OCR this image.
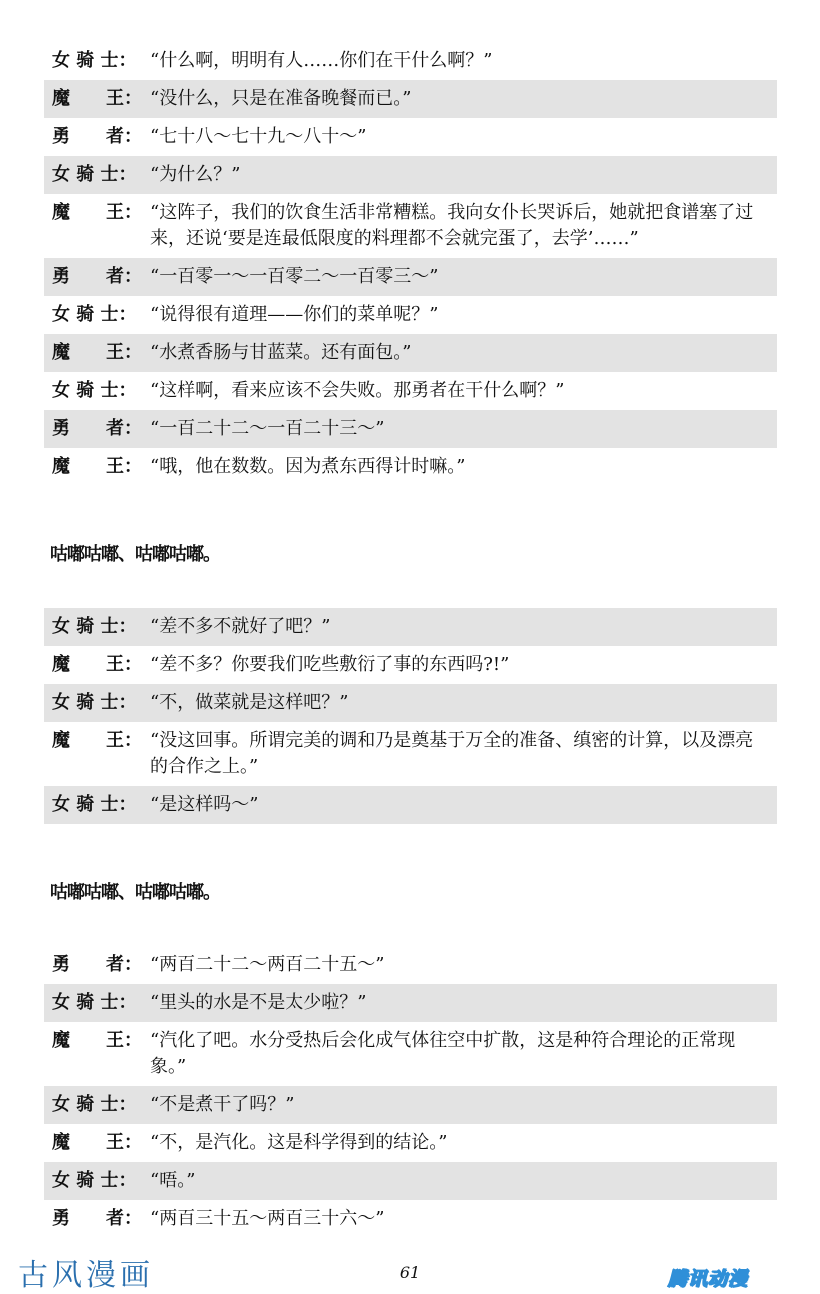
女 骑 士： “什么啊，明明有人……你们在干什么啊？”
魔　　王： “没什么，只是在准备晚餐而已。”
勇　　者： “七十八～七十九～八十～”
女 骑 士： “为什么？”
魔　　王： “这阵子，我们的饮食生活非常糟糕。我向女仆长哭诉后，她就把食谱塞了过来，还说‘要是连最低限度的料理都不会就完蛋了，去学’……”
勇　　者： “一百零一～一百零二～一百零三～”
女 骑 士： “说得很有道理——你们的菜单呢？”
魔　　王： “水煮香肠与甘蓝菜。还有面包。”
女 骑 士： “这样啊，看来应该不会失败。那勇者在干什么啊？”
勇　　者： “一百二十二～一百二十三～”
魔　　王： “哦，他在数数。因为煮东西得计时嘛。”
咕嘟咕嘟、咕嘟咕嘟。
女 骑 士： “差不多不就好了吧？”
魔　　王： “差不多？你要我们吃些敷衍了事的东西吗?!”
女 骑 士： “不，做菜就是这样吧？”
魔　　王： “没这回事。所谓完美的调和乃是奠基于万全的准备、缜密的计算，以及漂亮的合作之上。”
女 骑 士： “是这样吗～”
咕嘟咕嘟、咕嘟咕嘟。
勇　　者： “两百二十二～两百二十五～”
女 骑 士： “里头的水是不是太少啦？”
魔　　王： “汽化了吧。水分受热后会化成气体往空中扩散，这是种符合理论的正常现象。”
女 骑 士： “不是煮干了吗？”
魔　　王： “不，是汽化。这是科学得到的结论。”
女 骑 士： “唔。”
勇　　者： “两百三十五～两百三十六～”
古风漫画	61	腾讯动漫
